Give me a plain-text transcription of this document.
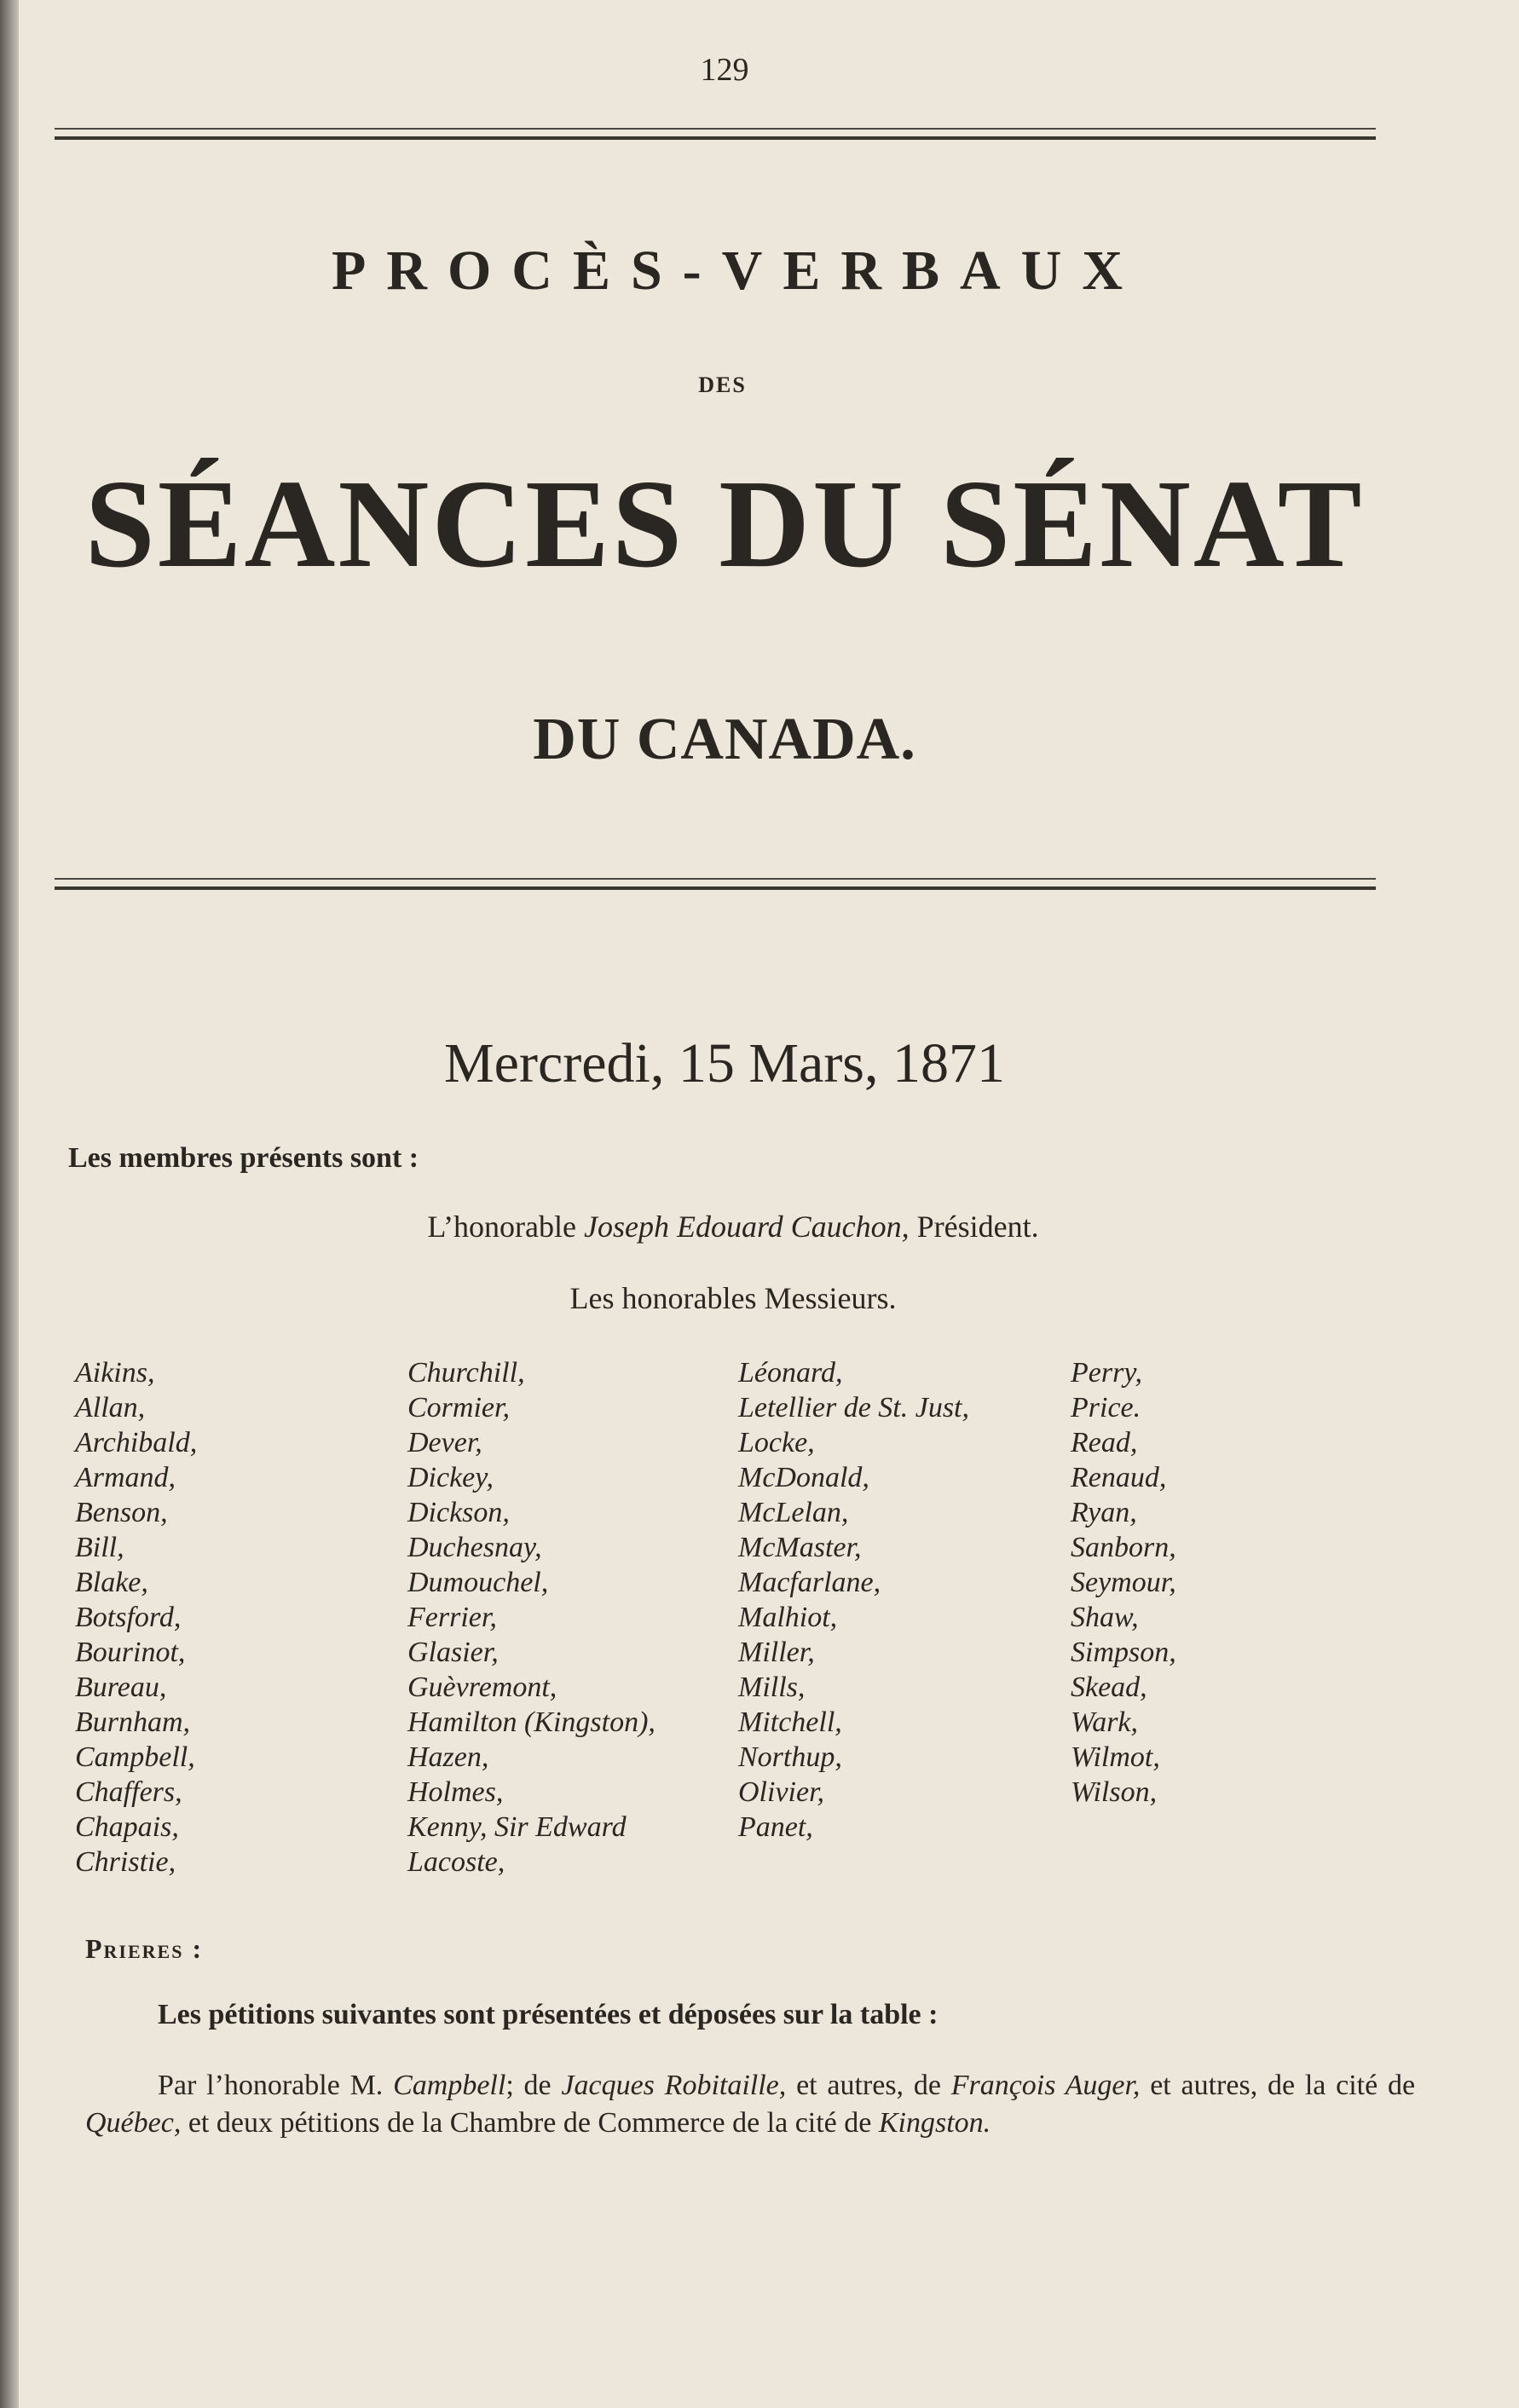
129
PROCÈS-VERBAUX
DES
SÉANCES DU SÉNAT
DU CANADA.
Mercredi, 15 Mars, 1871
Les membres présents sont :
L’honorable Joseph Edouard Cauchon, Président.
Les honorables Messieurs.
Aikins,
Allan,
Archibald,
Armand,
Benson,
Bill,
Blake,
Botsford,
Bourinot,
Bureau,
Burnham,
Campbell,
Chaffers,
Chapais,
Christie,
Churchill,
Cormier,
Dever,
Dickey,
Dickson,
Duchesnay,
Dumouchel,
Ferrier,
Glasier,
Guèvremont,
Hamilton (Kingston),
Hazen,
Holmes,
Kenny, Sir Edward
Lacoste,
Léonard,
Letellier de St. Just,
Locke,
McDonald,
McLelan,
McMaster,
Macfarlane,
Malhiot,
Miller,
Mills,
Mitchell,
Northup,
Olivier,
Panet,
Perry,
Price.
Read,
Renaud,
Ryan,
Sanborn,
Seymour,
Shaw,
Simpson,
Skead,
Wark,
Wilmot,
Wilson,
Prieres :
Les pétitions suivantes sont présentées et déposées sur la table :
Par l’honorable M. Campbell; de Jacques Robitaille, et autres, de François Auger, et autres, de la cité de Québec, et deux pétitions de la Chambre de Commerce de la cité de Kingston.
